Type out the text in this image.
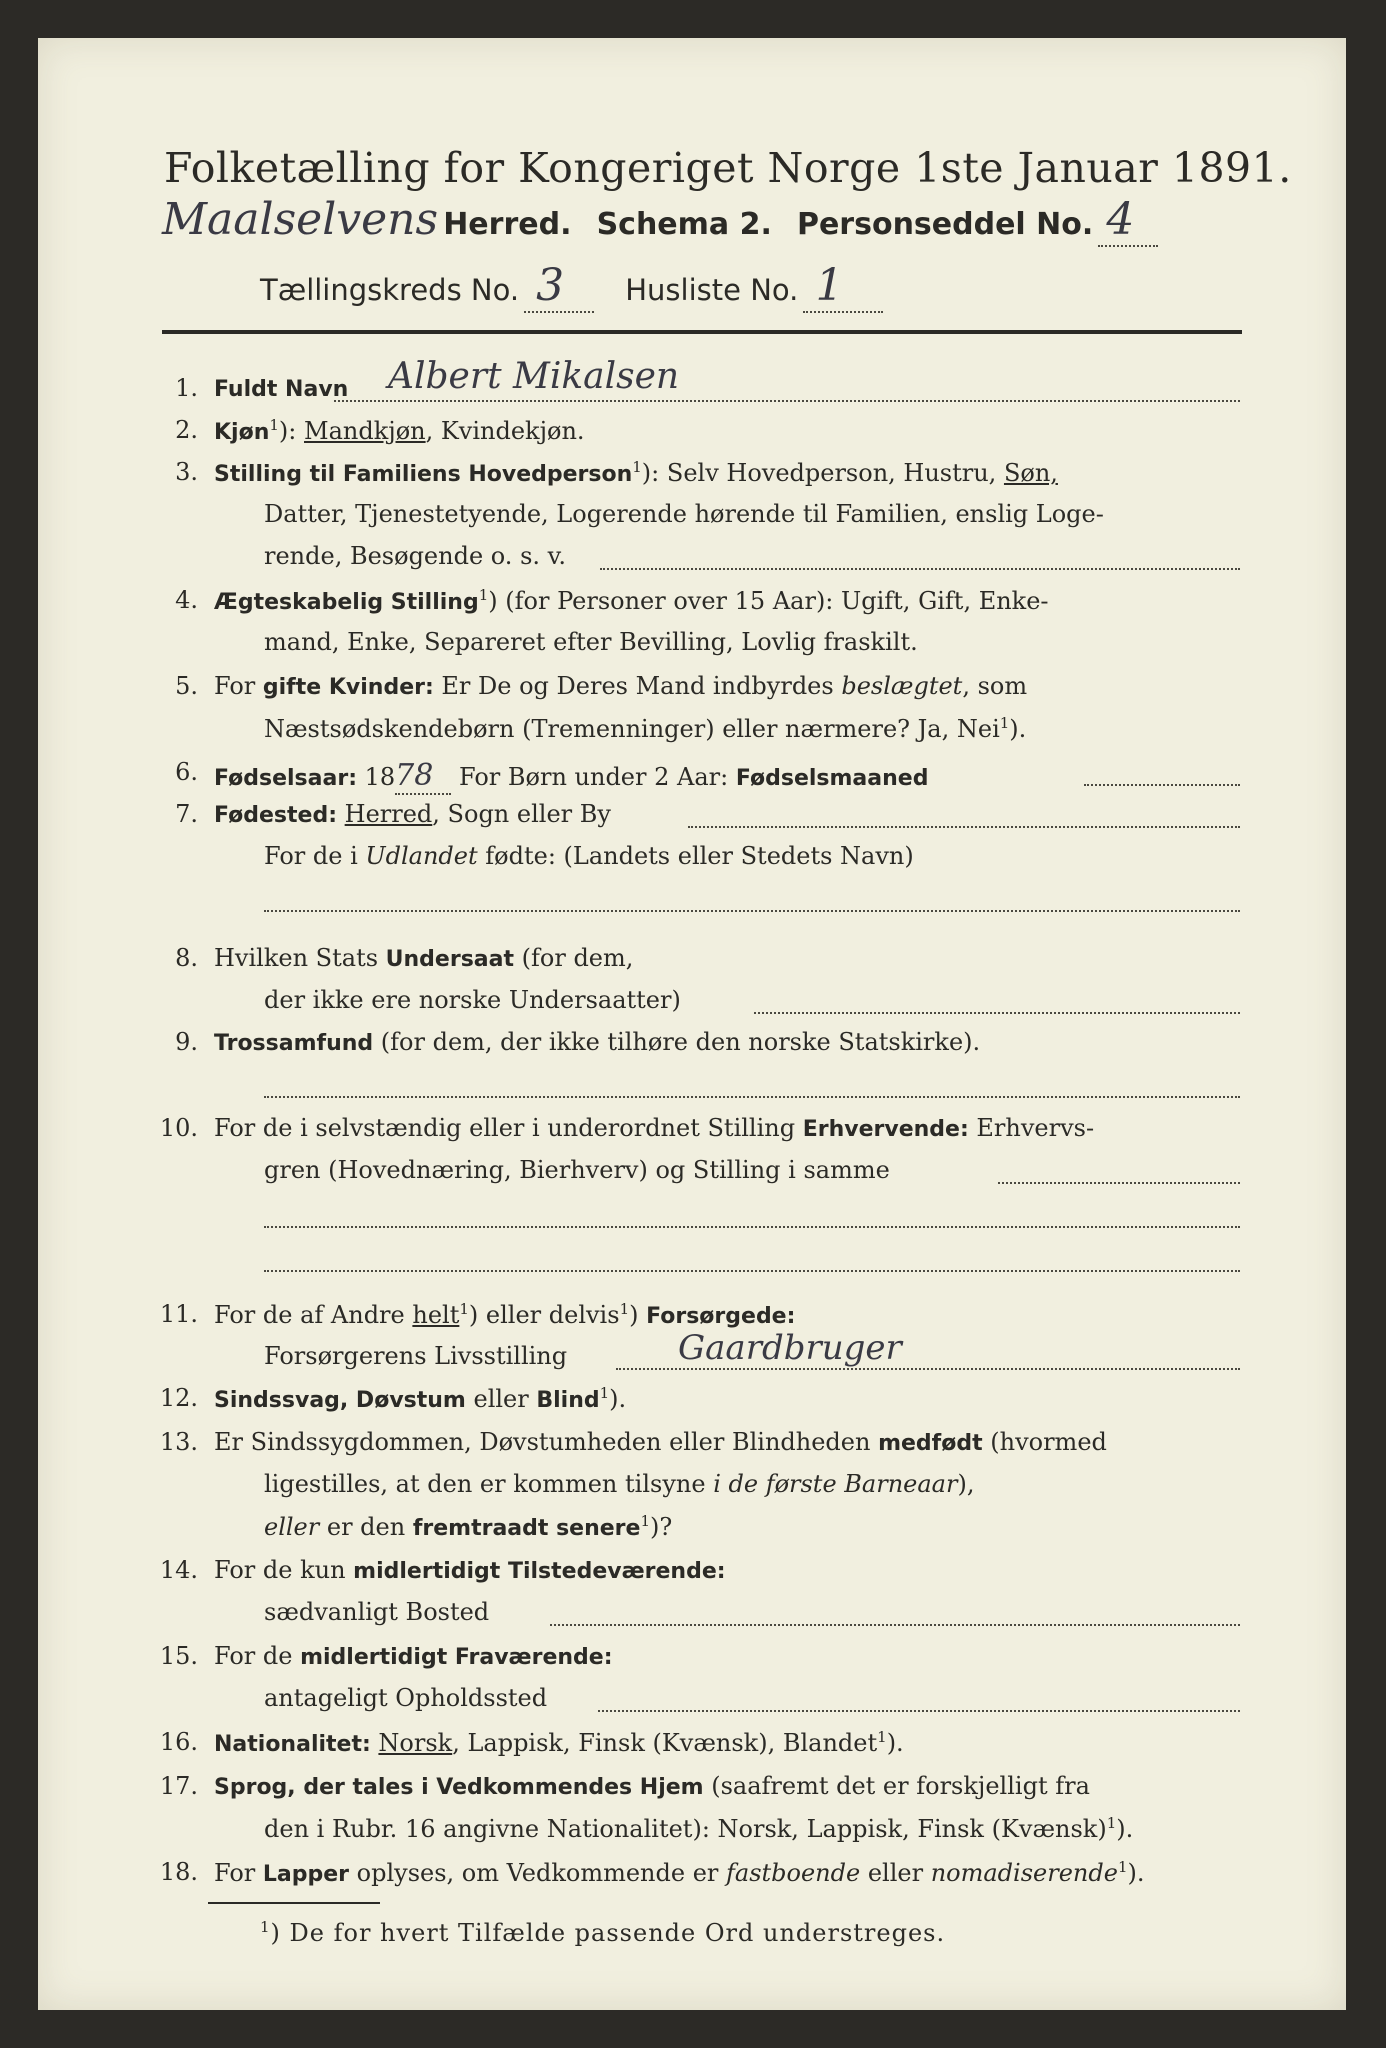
Folketælling for Kongeriget Norge 1ste Januar 1891.
Maalselvens Herred. Schema 2. Personseddel No. 4
Tællingskreds No. 3 Husliste No. 1
1. Fuldt Navn Albert Mikalsen
2. Kjøn$^1$): Mandkjøn, Kvindekjøn.
3. Stilling til Familiens Hovedperson$^1$): Selv Hovedperson, Hustru, Søn,
Datter, Tjenestetyende, Logerende hørende til Familien, enslig Loge-
rende, Besøgende o. s. v.
4. Ægteskabelig Stilling$^1$) (for Personer over 15 Aar): Ugift, Gift, Enke-
mand, Enke, Separeret efter Bevilling, Lovlig fraskilt.
5. For gifte Kvinder: Er De og Deres Mand indbyrdes beslægtet, som
Næstsødskendebørn (Tremenninger) eller nærmere? Ja, Nei$^1$).
6. Fødselsaar: 1878 For Børn under 2 Aar: Fødselsmaaned
7. Fødested: Herred, Sogn eller By
For de i Udlandet fødte: (Landets eller Stedets Navn)
8. Hvilken Stats Undersaat (for dem,
der ikke ere norske Undersaatter)
9. Trossamfund (for dem, der ikke tilhøre den norske Statskirke).
10. For de i selvstændig eller i underordnet Stilling Erhvervende: Erhvervs-
gren (Hovednæring, Bierhverv) og Stilling i samme
11. For de af Andre helt$^1$) eller delvis$^1$) Forsørgede:
Forsørgerens Livsstilling	Gaardbruger
12. Sindssvag, Døvstum eller Blind$^1$).
13. Er Sindssygdommen, Døvstumheden eller Blindheden medfødt (hvormed
ligestilles, at den er kommen tilsyne i de første Barneaar),
eller er den fremtraadt senere$^1$)?
14. For de kun midlertidigt Tilstedeværende:
sædvanligt Bosted
15. For de midlertidigt Fraværende:
antageligt Opholdssted
16. Nationalitet: Norsk, Lappisk, Finsk (Kvænsk), Blandet$^1$).
17. Sprog, der tales i Vedkommendes Hjem (saafremt det er forskjelligt fra
den i Rubr. 16 angivne Nationalitet): Norsk, Lappisk, Finsk (Kvænsk)$^1$).
18. For Lapper oplyses, om Vedkommende er fastboende eller nomadiserende$^1$).
$^1$) De for hvert Tilfælde passende Ord understreges.
